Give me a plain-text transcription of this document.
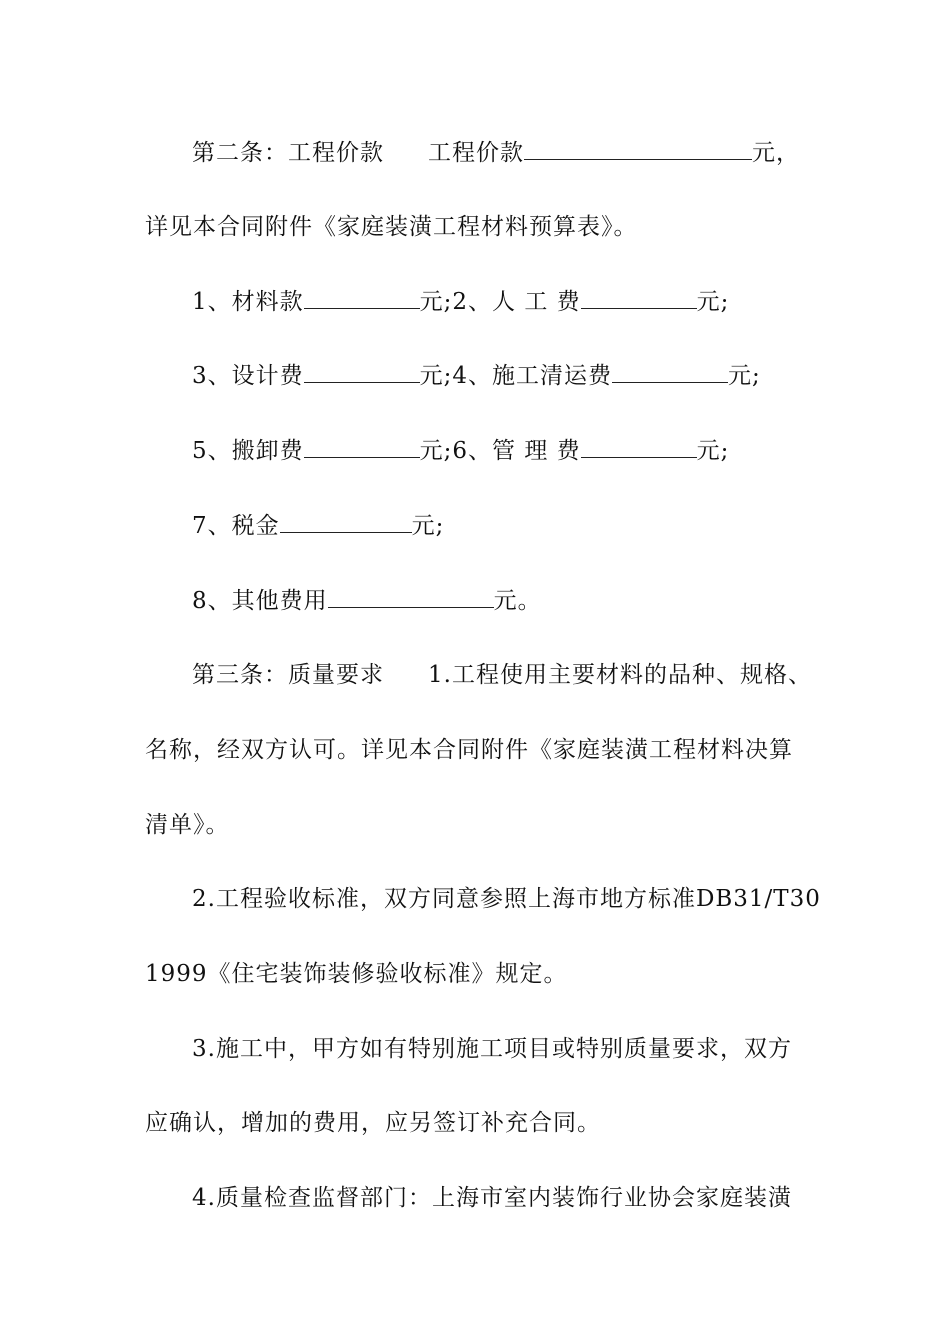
第二条：工程价款 工程价款	元，
详见本合同附件《家庭装潢工程材料预算表》。
1、材料款	元;2、人 工 费	元;
3、设计费	元;4、施工清运费	元;
5、搬卸费	元;6、管 理 费	元;
7、税金	元;
8、其他费用	元。
第三条：质量要求 1.工程使用主要材料的品种、规格、
名称，经双方认可。详见本合同附件《家庭装潢工程材料决算
清单》。
2.工程验收标准，双方同意参照上海市地方标准DB31/T30
1999《住宅装饰装修验收标准》规定。
3.施工中，甲方如有特别施工项目或特别质量要求，双方
应确认，增加的费用，应另签订补充合同。
4.质量检查监督部门：上海市室内装饰行业协会家庭装潢
